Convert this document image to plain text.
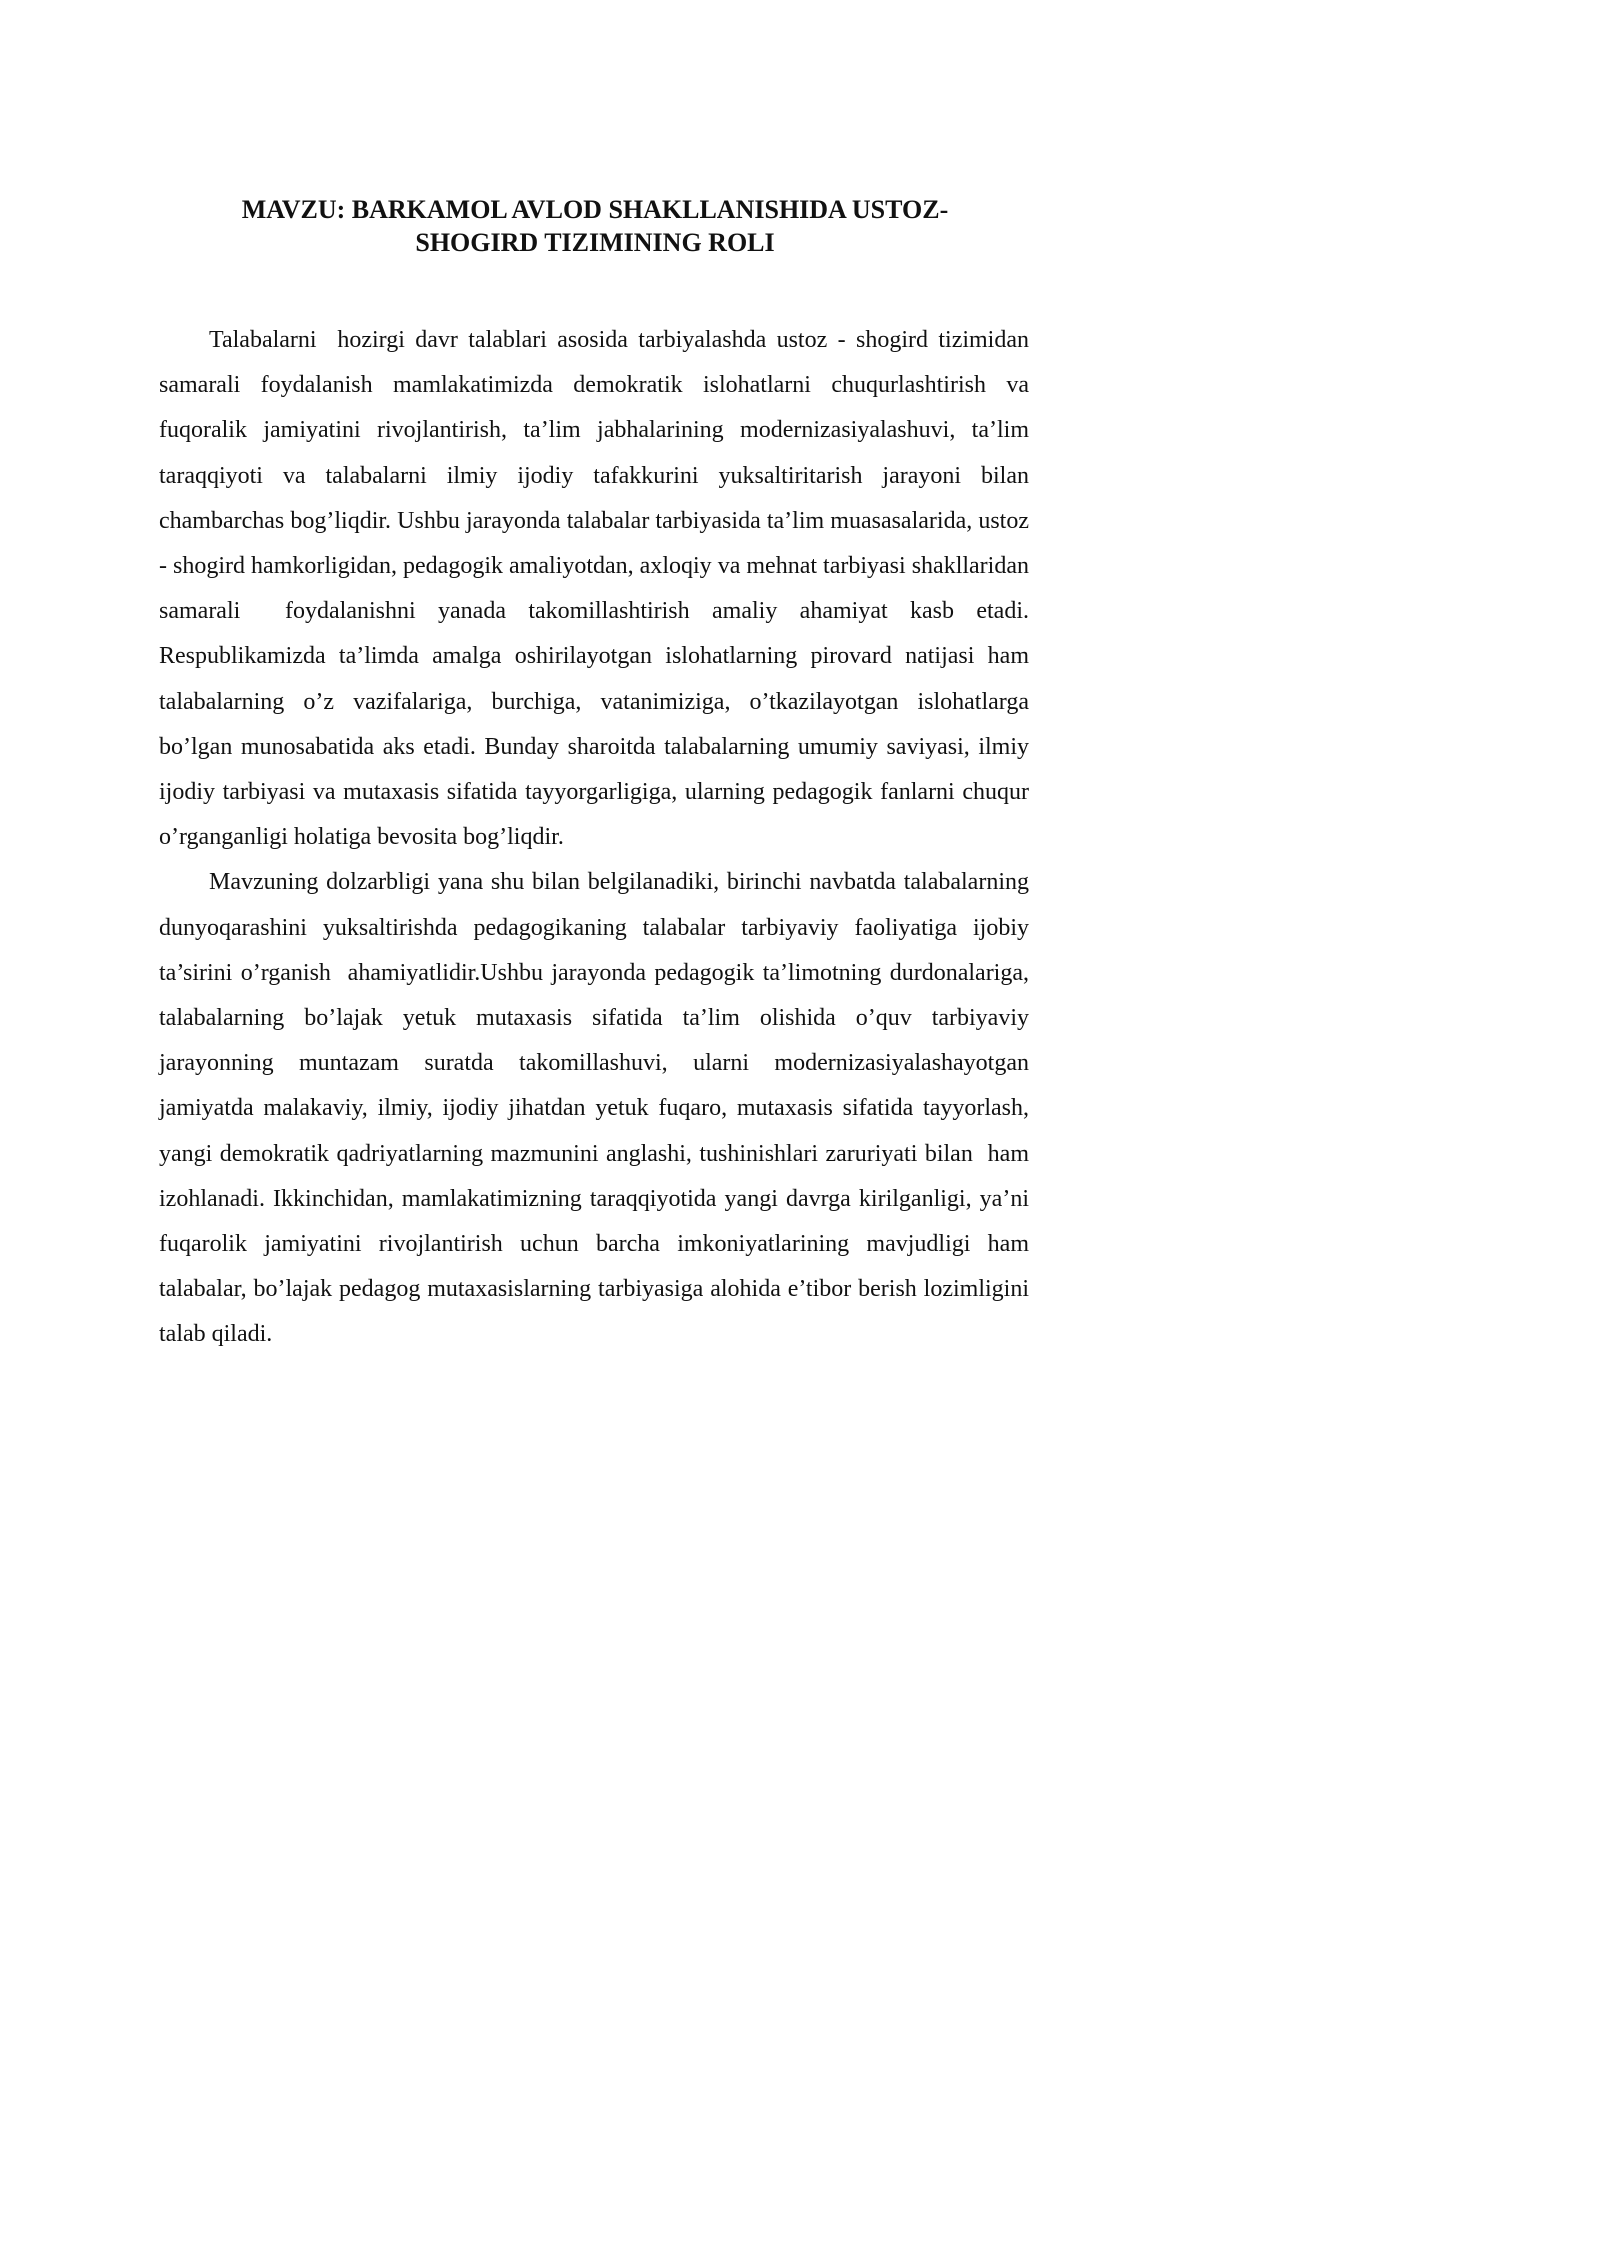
MAVZU: BARKAMOL AVLOD SHAKLLANISHIDA USTOZ-
SHOGIRD TIZIMINING ROLI

Talabalarni  hozirgi davr talablari asosida tarbiyalashda ustoz - shogird tizimidan samarali foydalanish mamlakatimizda demokratik islohatlarni chuqurlashtirish va fuqoralik jamiyatini rivojlantirish, ta’lim jabhalarining modernizasiyalashuvi, ta’lim taraqqiyoti va talabalarni ilmiy ijodiy tafakkurini yuksaltiritarish jarayoni bilan chambarchas bog’liqdir. Ushbu jarayonda talabalar tarbiyasida ta’lim muasasalarida, ustoz - shogird hamkorligidan, pedagogik amaliyotdan, axloqiy va mehnat tarbiyasi shakllaridan samarali  foydalanishni yanada takomillashtirish amaliy ahamiyat kasb etadi. Respublikamizda ta’limda amalga oshirilayotgan islohatlarning pirovard natijasi ham talabalarning o’z vazifalariga, burchiga, vatanimiziga, o’tkazilayotgan islohatlarga bo’lgan munosabatida aks etadi. Bunday sharoitda talabalarning umumiy saviyasi, ilmiy ijodiy tarbiyasi va mutaxasis sifatida tayyorgarligiga, ularning pedagogik fanlarni chuqur o’rganganligi holatiga bevosita bog’liqdir.

Mavzuning dolzarbligi yana shu bilan belgilanadiki, birinchi navbatda talabalarning dunyoqarashini yuksaltirishda pedagogikaning talabalar tarbiyaviy faoliyatiga ijobiy ta’sirini o’rganish  ahamiyatlidir.Ushbu jarayonda pedagogik ta’limotning durdonalariga, talabalarning bo’lajak yetuk mutaxasis sifatida ta’lim olishida o’quv tarbiyaviy jarayonning muntazam suratda takomillashuvi, ularni modernizasiyalashayotgan jamiyatda malakaviy, ilmiy, ijodiy jihatdan yetuk fuqaro, mutaxasis sifatida tayyorlash, yangi demokratik qadriyatlarning mazmunini anglashi, tushinishlari zaruriyati bilan  ham izohlanadi. Ikkinchidan, mamlakatimizning taraqqiyotida yangi davrga kirilganligi, ya’ni fuqarolik jamiyatini rivojlantirish uchun barcha imkoniyatlarining mavjudligi ham talabalar, bo’lajak pedagog mutaxasislarning tarbiyasiga alohida e’tibor berish lozimligini talab qiladi.
